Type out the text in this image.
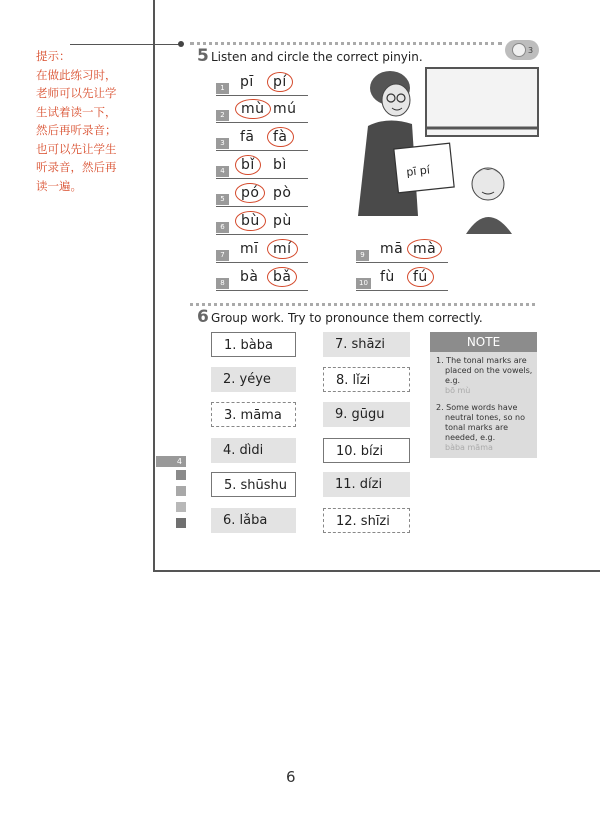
提示：
在做此练习时，
老师可以先让学
生试着读一下，
然后再听录音；
也可以先让学生
听录音，然后再
读一遍。
5 Listen and circle the correct pinyin.	3
1	pī	pí
2	mù mú
3	fā	fà
4	bǐ	bì
5	pó pò
6	bù pù
7	mī	mí
8	bà	bǎ
9	mā mà
10 fù	fú
pī pí
6 Group work. Try to pronounce them correctly.
1. bàba
2. yéye
3. māma
4. dìdi
5. shūshu
6. lǎba
7. shāzi
8. lǐzi
9. gūgu
10. bízi
11. dízi
12. shīzi
NOTE
1. The tonal marks are
placed on the vowels,
e.g.
bō mù
2. Some words have
neutral tones, so no
tonal marks are
needed, e.g.
bàba māma
4
6
